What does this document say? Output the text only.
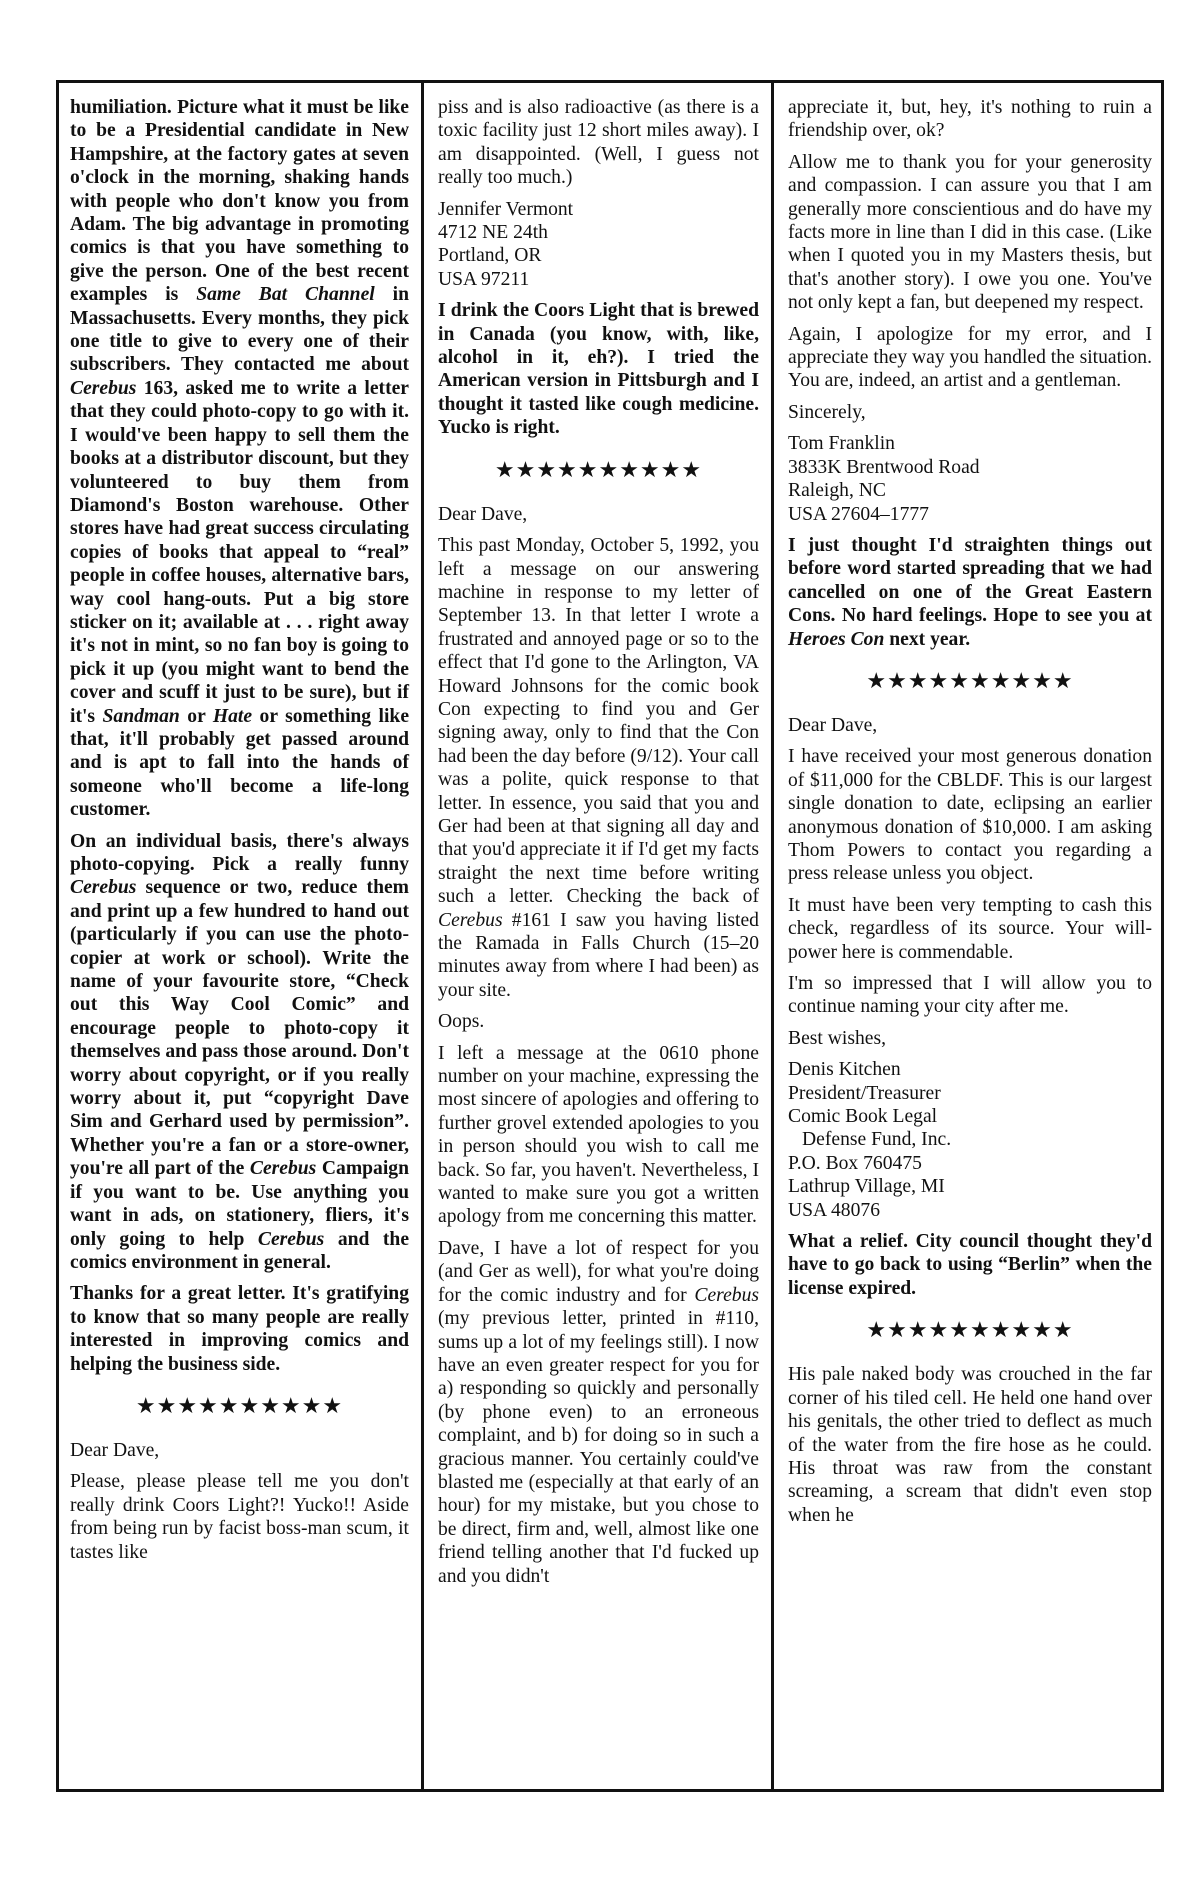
humiliation. Picture what it must be like to be a Presidential candidate in New Hampshire, at the factory gates at seven o'clock in the morning, shaking hands with people who don't know you from Adam. The big advantage in promoting comics is that you have something to give the person. One of the best recent examples is Same Bat Channel in Massachusetts. Every months, they pick one title to give to every one of their subscribers. They contacted me about Cerebus 163, asked me to write a letter that they could photo-copy to go with it. I would've been happy to sell them the books at a distributor discount, but they volunteered to buy them from Diamond's Boston warehouse. Other stores have had great success circulating copies of books that appeal to “real” people in coffee houses, alternative bars, way cool hang-outs. Put a big store sticker on it; available at . . . right away it's not in mint, so no fan boy is going to pick it up (you might want to bend the cover and scuff it just to be sure), but if it's Sandman or Hate or something like that, it'll probably get passed around and is apt to fall into the hands of someone who'll become a life-long customer.

On an individual basis, there's always photo-copying. Pick a really funny Cerebus sequence or two, reduce them and print up a few hundred to hand out (particularly if you can use the photo-copier at work or school). Write the name of your favourite store, “Check out this Way Cool Comic” and encourage people to photo-copy it themselves and pass those around. Don't worry about copyright, or if you really worry about it, put “copyright Dave Sim and Gerhard used by permission”. Whether you're a fan or a store-owner, you're all part of the Cerebus Campaign if you want to be. Use anything you want in ads, on stationery, fliers, it's only going to help Cerebus and the comics environment in general.

Thanks for a great letter. It's gratifying to know that so many people are really interested in improving comics and helping the business side.

★★★★★★★★★★

Dear Dave,

Please, please please tell me you don't really drink Coors Light?! Yucko!! Aside from being run by facist boss-man scum, it tastes like

piss and is also radioactive (as there is a toxic facility just 12 short miles away). I am disappointed. (Well, I guess not really too much.)

Jennifer Vermont

4712 NE 24th

Portland, OR

USA 97211

I drink the Coors Light that is brewed in Canada (you know, with, like, alcohol in it, eh?). I tried the American version in Pittsburgh and I thought it tasted like cough medicine. Yucko is right.

★★★★★★★★★★

Dear Dave,

This past Monday, October 5, 1992, you left a message on our answering machine in response to my letter of September 13. In that letter I wrote a frustrated and annoyed page or so to the effect that I'd gone to the Arlington, VA Howard Johnsons for the comic book Con expecting to find you and Ger signing away, only to find that the Con had been the day before (9/12). Your call was a polite, quick response to that letter. In essence, you said that you and Ger had been at that signing all day and that you'd appreciate it if I'd get my facts straight the next time before writing such a letter. Checking the back of Cerebus #161 I saw you having listed the Ramada in Falls Church (15–20 minutes away from where I had been) as your site.

Oops.

I left a message at the 0610 phone number on your machine, expressing the most sincere of apologies and offering to further grovel extended apologies to you in person should you wish to call me back. So far, you haven't. Nevertheless, I wanted to make sure you got a written apology from me concerning this matter.

Dave, I have a lot of respect for you (and Ger as well), for what you're doing for the comic industry and for Cerebus (my previous letter, printed in #110, sums up a lot of my feelings still). I now have an even greater respect for you for a) responding so quickly and personally (by phone even) to an erroneous complaint, and b) for doing so in such a gracious manner. You certainly could've blasted me (especially at that early of an hour) for my mistake, but you chose to be direct, firm and, well, almost like one friend telling another that I'd fucked up and you didn't

appreciate it, but, hey, it's nothing to ruin a friendship over, ok?

Allow me to thank you for your generosity and compassion. I can assure you that I am generally more conscientious and do have my facts more in line than I did in this case. (Like when I quoted you in my Masters thesis, but that's another story). I owe you one. You've not only kept a fan, but deepened my respect.

Again, I apologize for my error, and I appreciate they way you handled the situation. You are, indeed, an artist and a gentleman.

Sincerely,

Tom Franklin

3833K Brentwood Road

Raleigh, NC

USA 27604–1777

I just thought I'd straighten things out before word started spreading that we had cancelled on one of the Great Eastern Cons. No hard feelings. Hope to see you at Heroes Con next year.

★★★★★★★★★★

Dear Dave,

I have received your most generous donation of $11,000 for the CBLDF. This is our largest single donation to date, eclipsing an earlier anonymous donation of $10,000. I am asking Thom Powers to contact you regarding a press release unless you object.

It must have been very tempting to cash this check, regardless of its source. Your will-power here is commendable.

I'm so impressed that I will allow you to continue naming your city after me.

Best wishes,

Denis Kitchen

President/Treasurer

Comic Book Legal

Defense Fund, Inc.

P.O. Box 760475

Lathrup Village, MI

USA 48076

What a relief. City council thought they'd have to go back to using “Berlin” when the license expired.

★★★★★★★★★★

His pale naked body was crouched in the far corner of his tiled cell. He held one hand over his genitals, the other tried to deflect as much of the water from the fire hose as he could. His throat was raw from the constant screaming, a scream that didn't even stop when he
